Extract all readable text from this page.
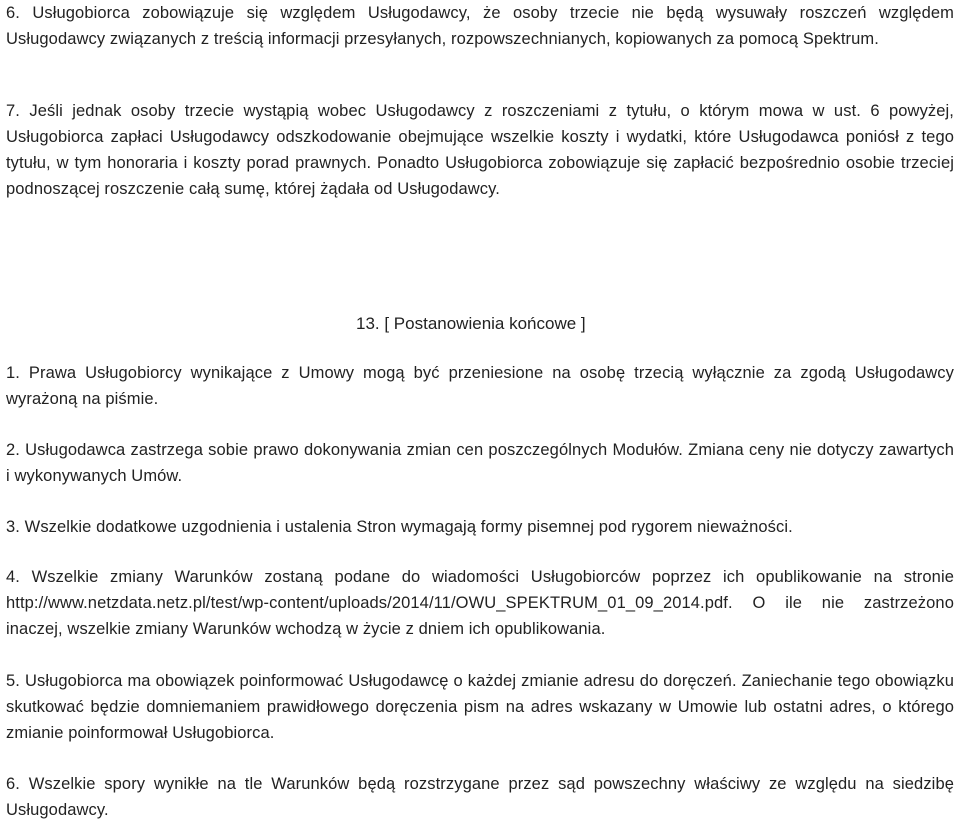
6. Usługobiorca zobowiązuje się względem Usługodawcy, że osoby trzecie nie będą wysuwały roszczeń względem Usługodawcy związanych z treścią informacji przesyłanych, rozpowszechnianych, kopiowanych za pomocą Spektrum.

7. Jeśli jednak osoby trzecie wystąpią wobec Usługodawcy z roszczeniami z tytułu, o którym mowa w ust. 6 powyżej, Usługobiorca zapłaci Usługodawcy odszkodowanie obejmujące wszelkie koszty i wydatki, które Usługodawca poniósł z tego tytułu, w tym honoraria i koszty porad prawnych. Ponadto Usługobiorca zobowiązuje się zapłacić bezpośrednio osobie trzeciej podnoszącej roszczenie całą sumę, której żądała od Usługodawcy.

13. [ Postanowienia końcowe ]

1. Prawa Usługobiorcy wynikające z Umowy mogą być przeniesione na osobę trzecią wyłącznie za zgodą Usługodawcy wyrażoną na piśmie.

2. Usługodawca zastrzega sobie prawo dokonywania zmian cen poszczególnych Modułów. Zmiana ceny nie dotyczy zawartych i wykonywanych Umów.

3. Wszelkie dodatkowe uzgodnienia i ustalenia Stron wymagają formy pisemnej pod rygorem nieważności.

4. Wszelkie zmiany Warunków zostaną podane do wiadomości Usługobiorców poprzez ich opublikowanie na stronie http://www.netzdata.netz.pl/test/wp-content/uploads/2014/11/OWU_SPEKTRUM_01_09_2014.pdf. O ile nie zastrzeżono inaczej, wszelkie zmiany Warunków wchodzą w życie z dniem ich opublikowania.

5. Usługobiorca ma obowiązek poinformować Usługodawcę o każdej zmianie adresu do doręczeń. Zaniechanie tego obowiązku skutkować będzie domniemaniem prawidłowego doręczenia pism na adres wskazany w Umowie lub ostatni adres, o którego zmianie poinformował Usługobiorca.

6. Wszelkie spory wynikłe na tle Warunków będą rozstrzygane przez sąd powszechny właściwy ze względu na siedzibę Usługodawcy.
